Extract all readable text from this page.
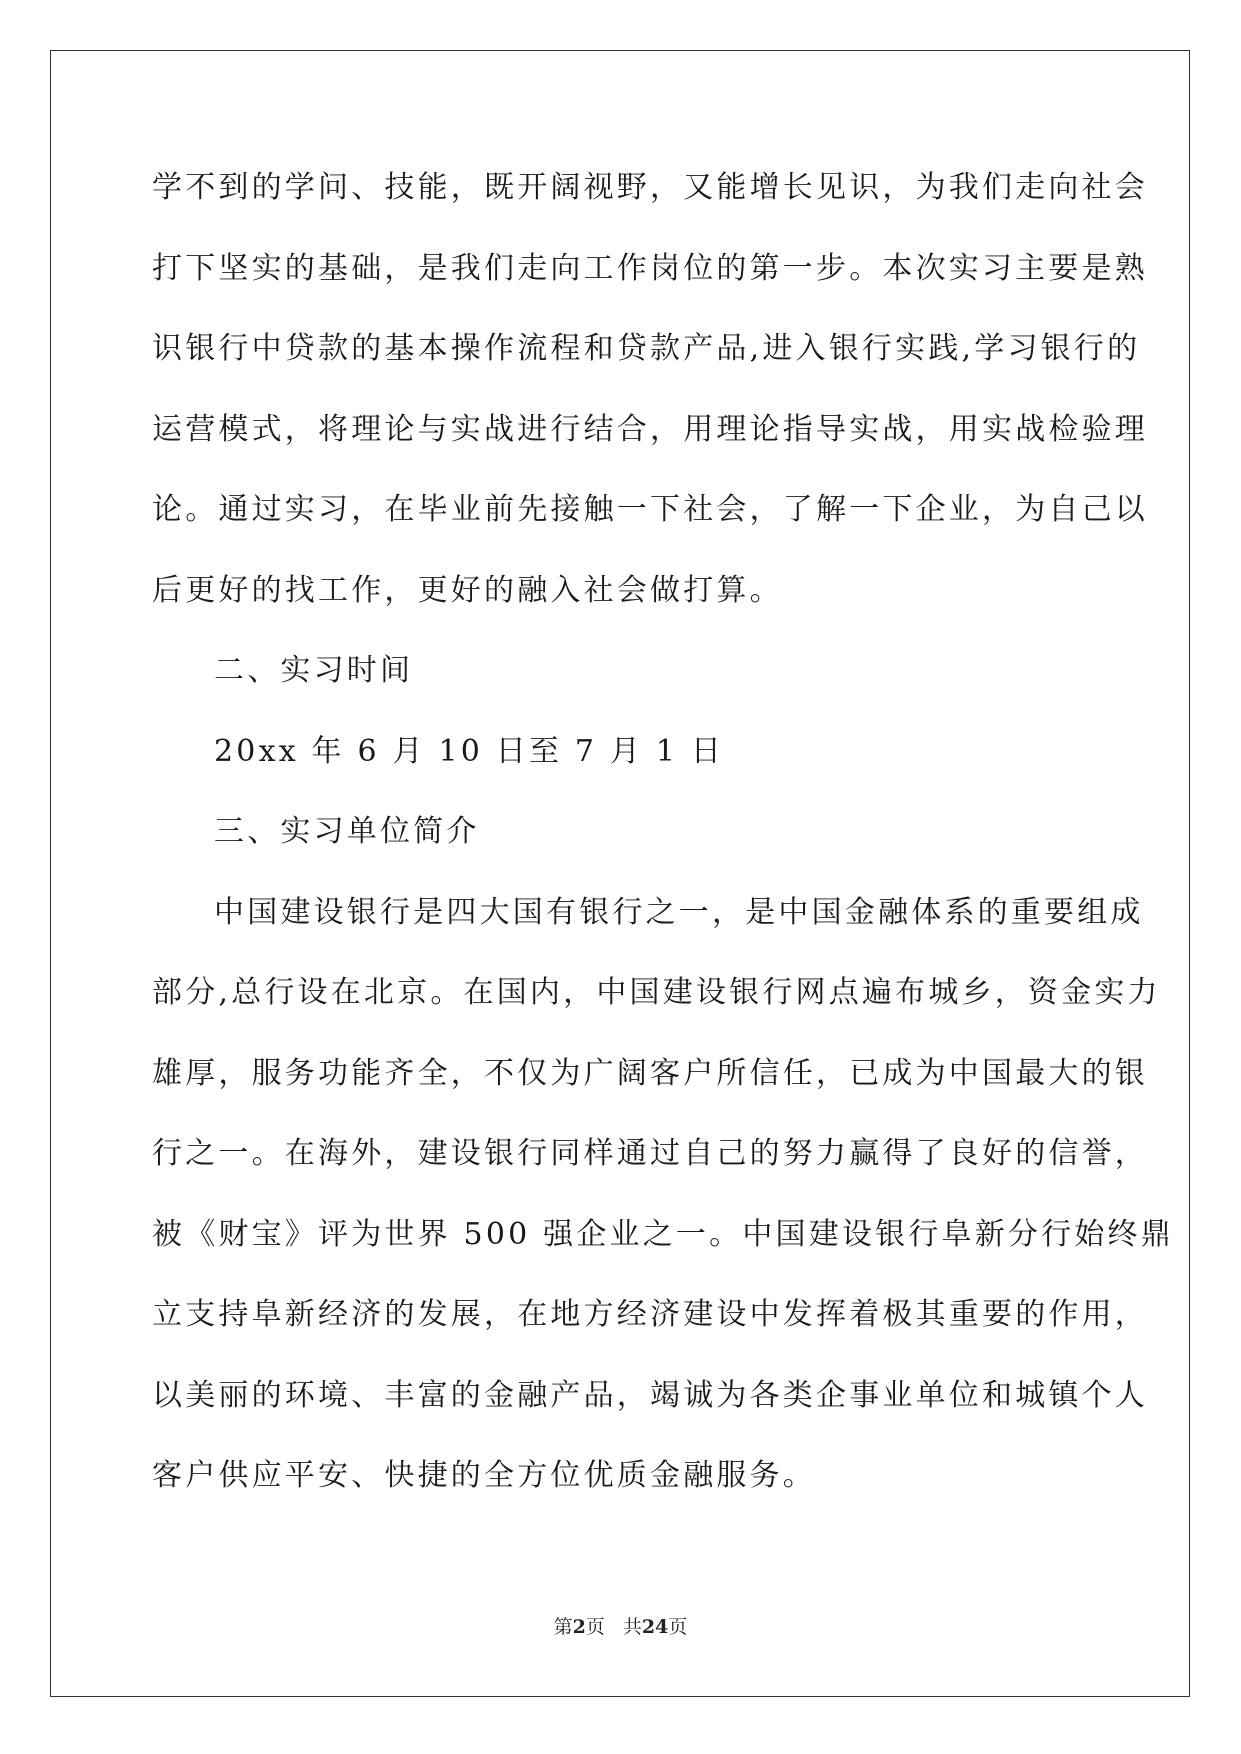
学不到的学问、技能，既开阔视野，又能增长见识，为我们走向社会
打下坚实的基础，是我们走向工作岗位的第一步。本次实习主要是熟
识银行中贷款的基本操作流程和贷款产品,进入银行实践,学习银行的
运营模式，将理论与实战进行结合，用理论指导实战，用实战检验理
论。通过实习，在毕业前先接触一下社会，了解一下企业，为自己以
后更好的找工作，更好的融入社会做打算。
二、实习时间
20xx 年 6 月 10 日至 7 月 1 日
三、实习单位简介
中国建设银行是四大国有银行之一，是中国金融体系的重要组成
部分,总行设在北京。在国内，中国建设银行网点遍布城乡，资金实力
雄厚，服务功能齐全，不仅为广阔客户所信任，已成为中国最大的银
行之一。在海外，建设银行同样通过自己的努力赢得了良好的信誉，
被《财宝》评为世界 500 强企业之一。中国建设银行阜新分行始终鼎
立支持阜新经济的发展，在地方经济建设中发挥着极其重要的作用，
以美丽的环境、丰富的金融产品，竭诚为各类企事业单位和城镇个人
客户供应平安、快捷的全方位优质金融服务。
第2页 共24页
